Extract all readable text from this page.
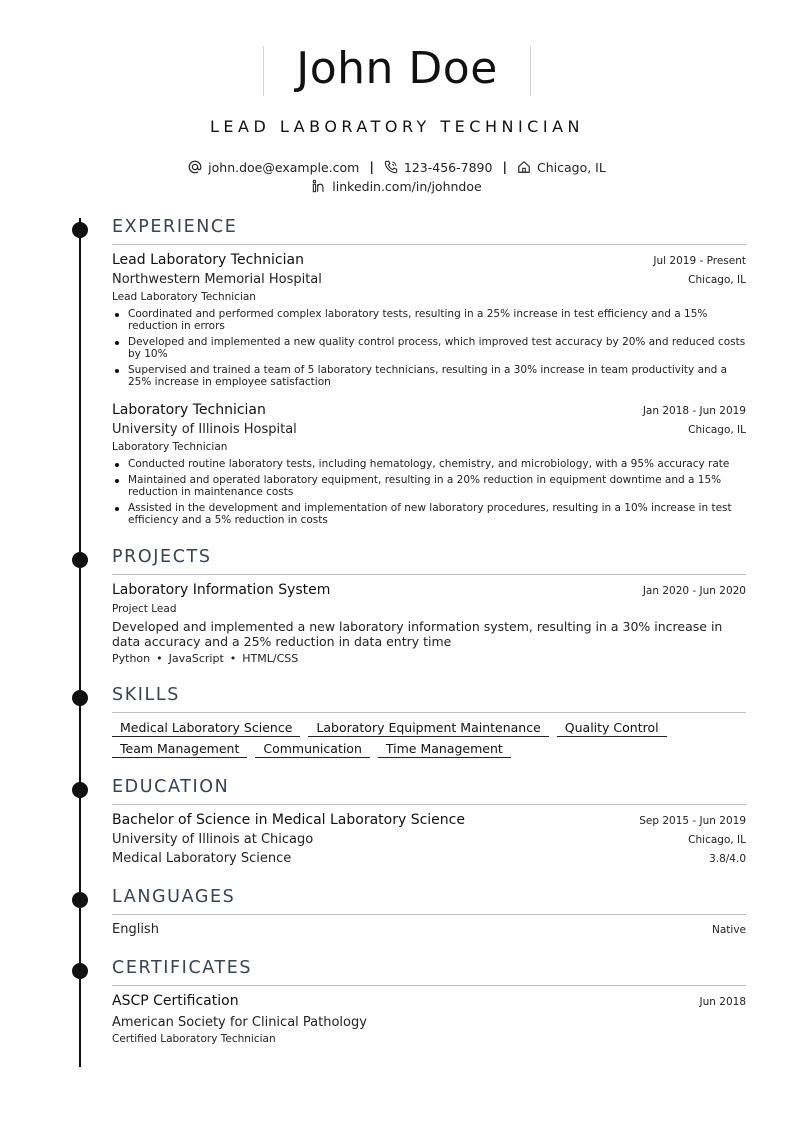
John Doe
LEAD LABORATORY TECHNICIAN
john.doe@example.com | 123-456-7890 | Chicago, IL
linkedin.com/in/johndoe
EXPERIENCE
Lead Laboratory Technician	Jul 2019 - Present
Northwestern Memorial Hospital	Chicago, IL
Lead Laboratory Technician
Coordinated and performed complex laboratory tests, resulting in a 25% increase in test efficiency and a 15% reduction in errors
Developed and implemented a new quality control process, which improved test accuracy by 20% and reduced costs by 10%
Supervised and trained a team of 5 laboratory technicians, resulting in a 30% increase in team productivity and a 25% increase in employee satisfaction
Laboratory Technician	Jan 2018 - Jun 2019
University of Illinois Hospital	Chicago, IL
Laboratory Technician
Conducted routine laboratory tests, including hematology, chemistry, and microbiology, with a 95% accuracy rate
Maintained and operated laboratory equipment, resulting in a 20% reduction in equipment downtime and a 15% reduction in maintenance costs
Assisted in the development and implementation of new laboratory procedures, resulting in a 10% increase in test efficiency and a 5% reduction in costs
PROJECTS
Laboratory Information System	Jan 2020 - Jun 2020
Project Lead
Developed and implemented a new laboratory information system, resulting in a 30% increase in data accuracy and a 25% reduction in data entry time
Python • JavaScript • HTML/CSS
SKILLS
Medical Laboratory Science	Laboratory Equipment Maintenance	Quality Control
Team Management	Communication	Time Management
EDUCATION
Bachelor of Science in Medical Laboratory Science	Sep 2015 - Jun 2019
University of Illinois at Chicago	Chicago, IL
Medical Laboratory Science	3.8/4.0
LANGUAGES
English	Native
CERTIFICATES
ASCP Certification	Jun 2018
American Society for Clinical Pathology
Certified Laboratory Technician
